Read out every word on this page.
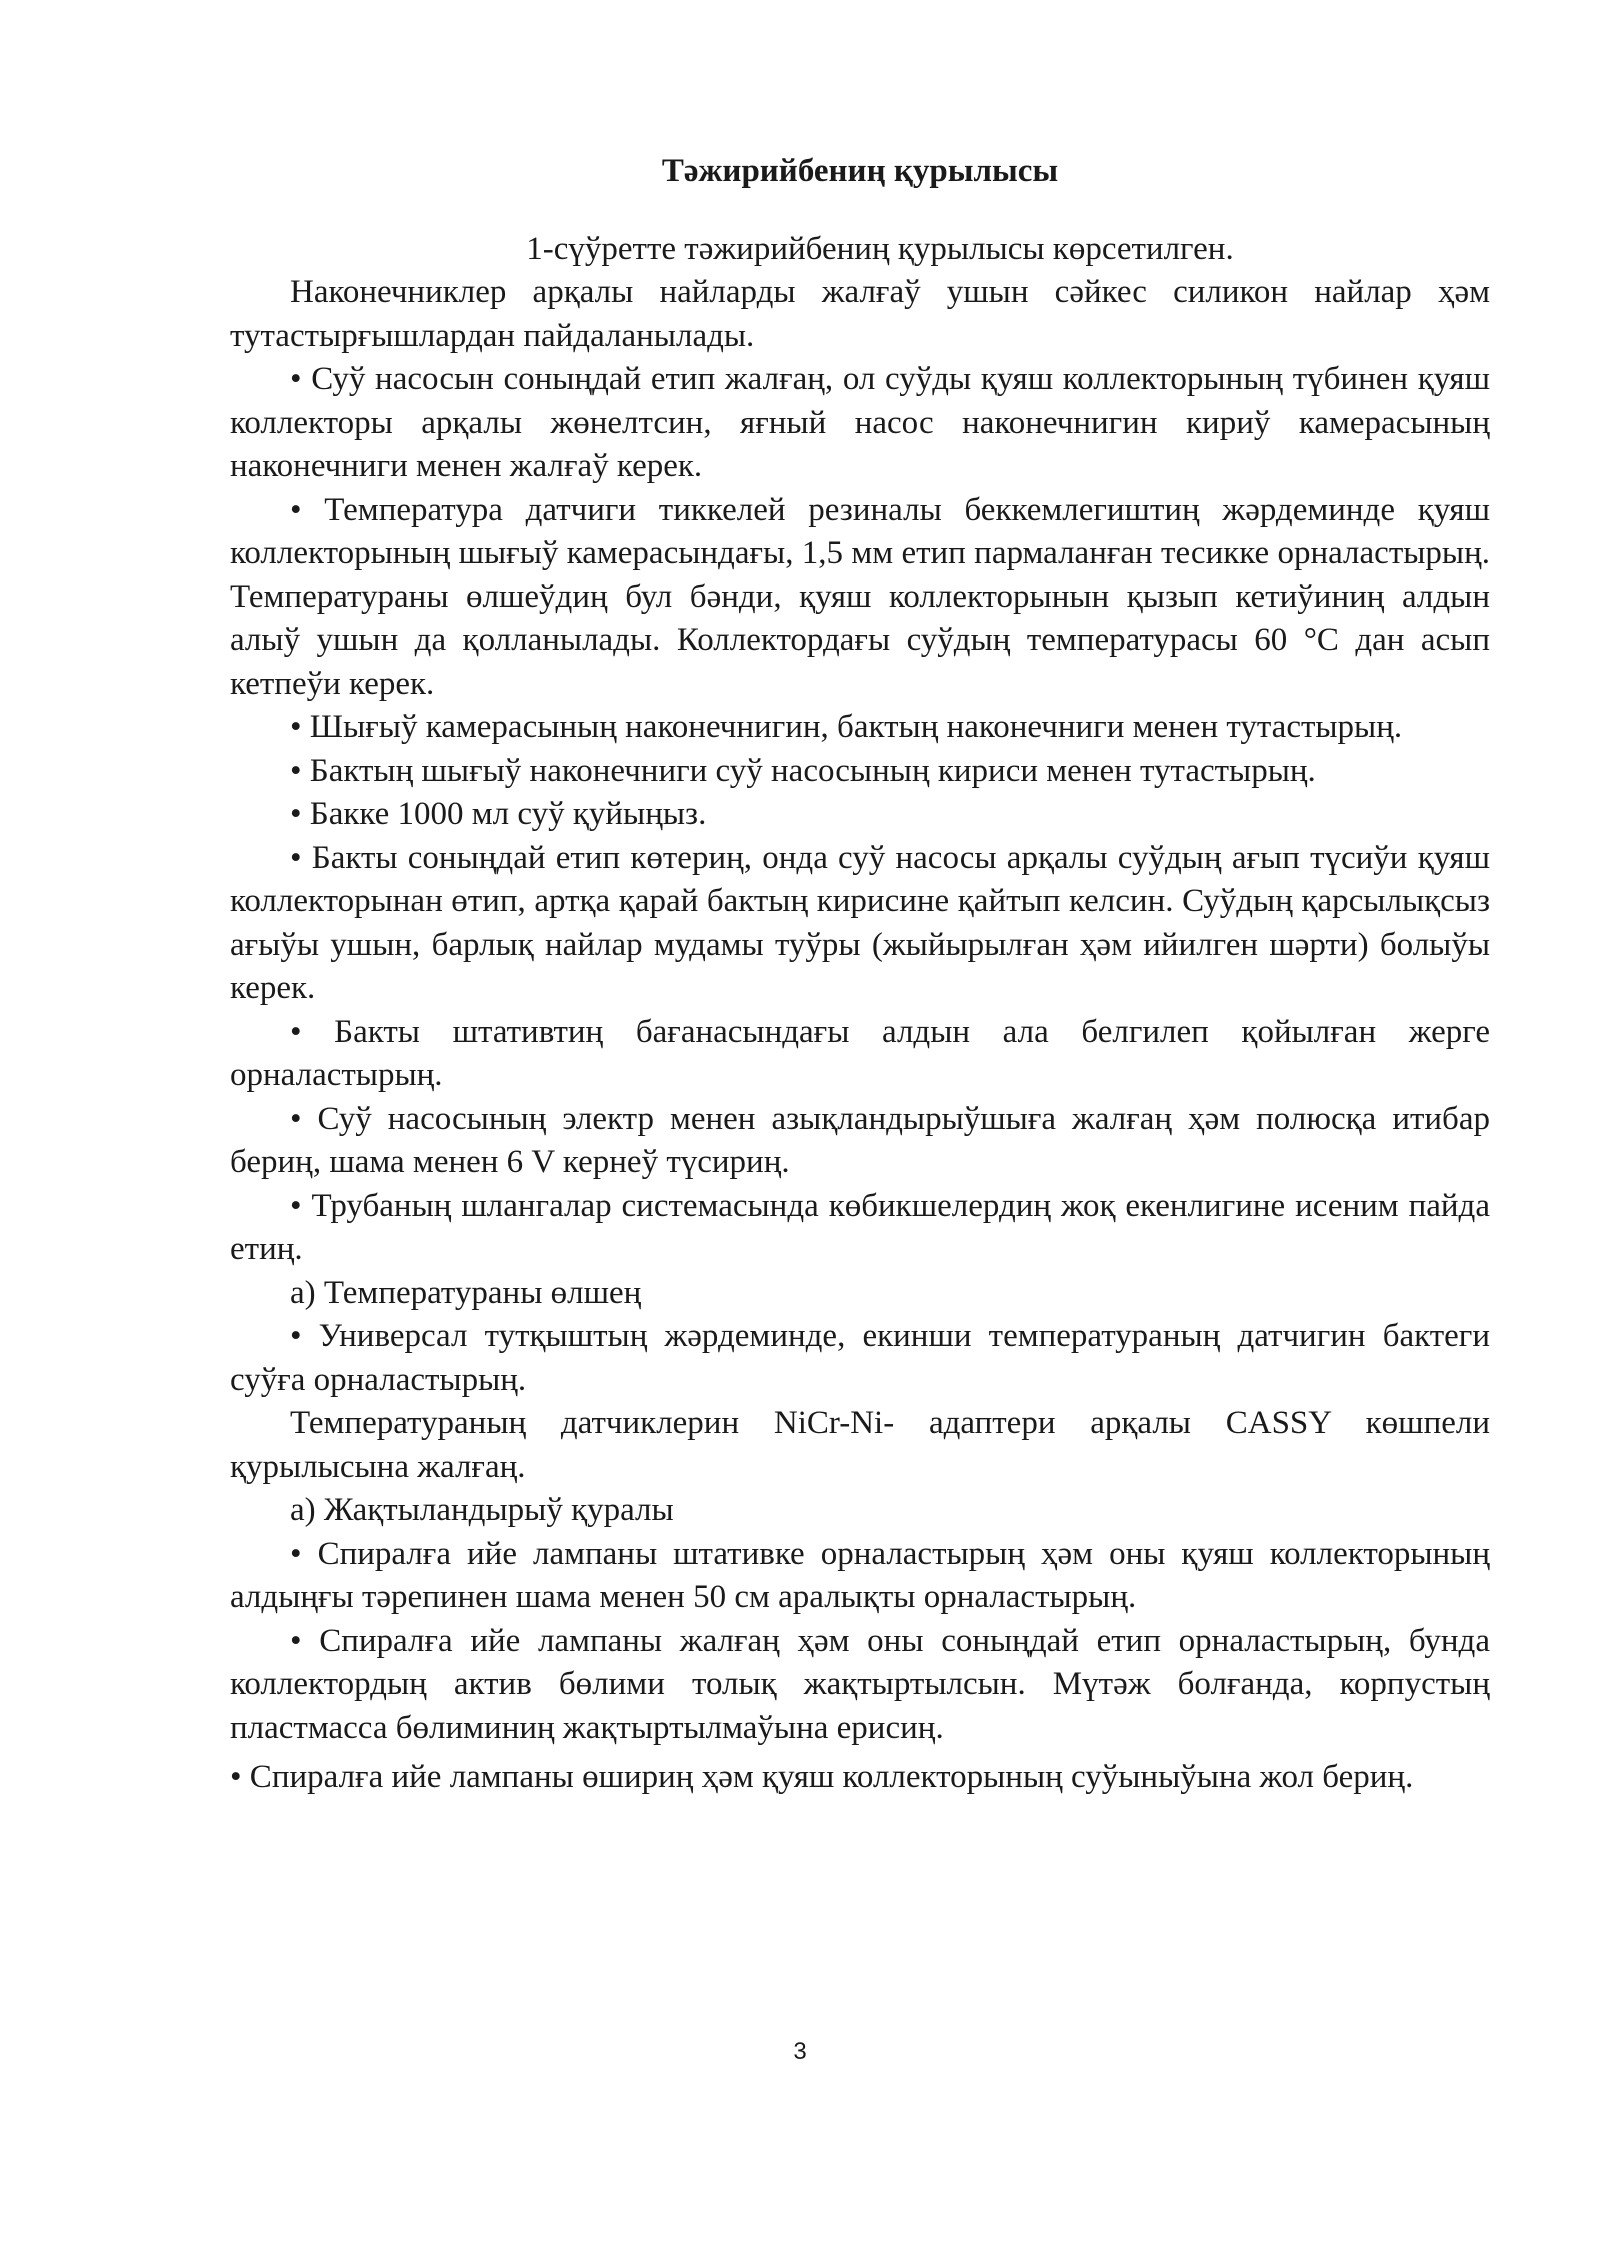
Тәжирийбениң қурылысы

1-сүўретте тәжирийбениң қурылысы көрсетилген.

Наконечниклер арқалы найларды жалғаў ушын сәйкес силикон найлар ҳәм тутастырғышлардан пайдаланылады.

• Суў насосын соныңдай етип жалғаң, ол суўды қуяш коллекторының түбинен қуяш коллекторы арқалы жөнелтсин, яғный насос наконечнигин кириў камерасының наконечниги менен жалғаў керек.

• Температура датчиги тиккелей резиналы беккемлегиштиң жәрдеминде қуяш коллекторының шығыў камерасындағы, 1,5 мм етип пармаланған тесикке орналастырың. Температураны өлшеўдиң бул бәнди, қуяш коллекторынын қызып кетиўиниң алдын алыў ушын да қолланылады. Коллектордағы суўдың температурасы 60 °С дан асып кетпеўи керек.

• Шығыў камерасының наконечнигин, бактың наконечниги менен тутастырың.

• Бактың шығыў наконечниги суў насосының кириси менен тутастырың.

• Бакке 1000 мл суў қуйыңыз.

• Бакты соныңдай етип көтериң, онда суў насосы арқалы суўдың ағып түсиўи қуяш коллекторынан өтип, артқа қарай бактың кирисине қайтып келсин. Суўдың қарсылықсыз ағыўы ушын, барлық найлар мудамы туўры (жыйырылған ҳәм ийилген шәрти) болыўы керек.

• Бакты штативтиң бағанасындағы алдын ала белгилеп қойылған жерге орналастырың.

• Суў насосының электр менен азықландырыўшыға жалғаң ҳәм полюсқа итибар бериң, шама менен 6 V кернеў түсириң.

• Трубаның шлангалар системасында көбикшелердиң жоқ екенлигине исеним пайда етиң.

а) Температураны өлшең

• Универсал тутқыштың жәрдеминде, екинши температураның датчигин бактеги суўға орналастырың.

Температураның датчиклерин NiCr-Ni- адаптери арқалы CASSY көшпели қурылысына жалғаң.

а) Жақтыландырыў қуралы

• Спиралға ийе лампаны штативке орналастырың ҳәм оны қуяш коллекторының алдыңғы тәрепинен шама менен 50 см аралықты орналастырың.

• Спиралға ийе лампаны жалғаң ҳәм оны соныңдай етип орналастырың, бунда коллектордың актив бөлими толық жақтыртылсын. Мүтәж болғанда, корпустың пластмасса бөлиминиң жақтыртылмаўына ерисиң.

• Спиралға ийе лампаны өшириң ҳәм қуяш коллекторының суўыныўына жол бериң.

3
